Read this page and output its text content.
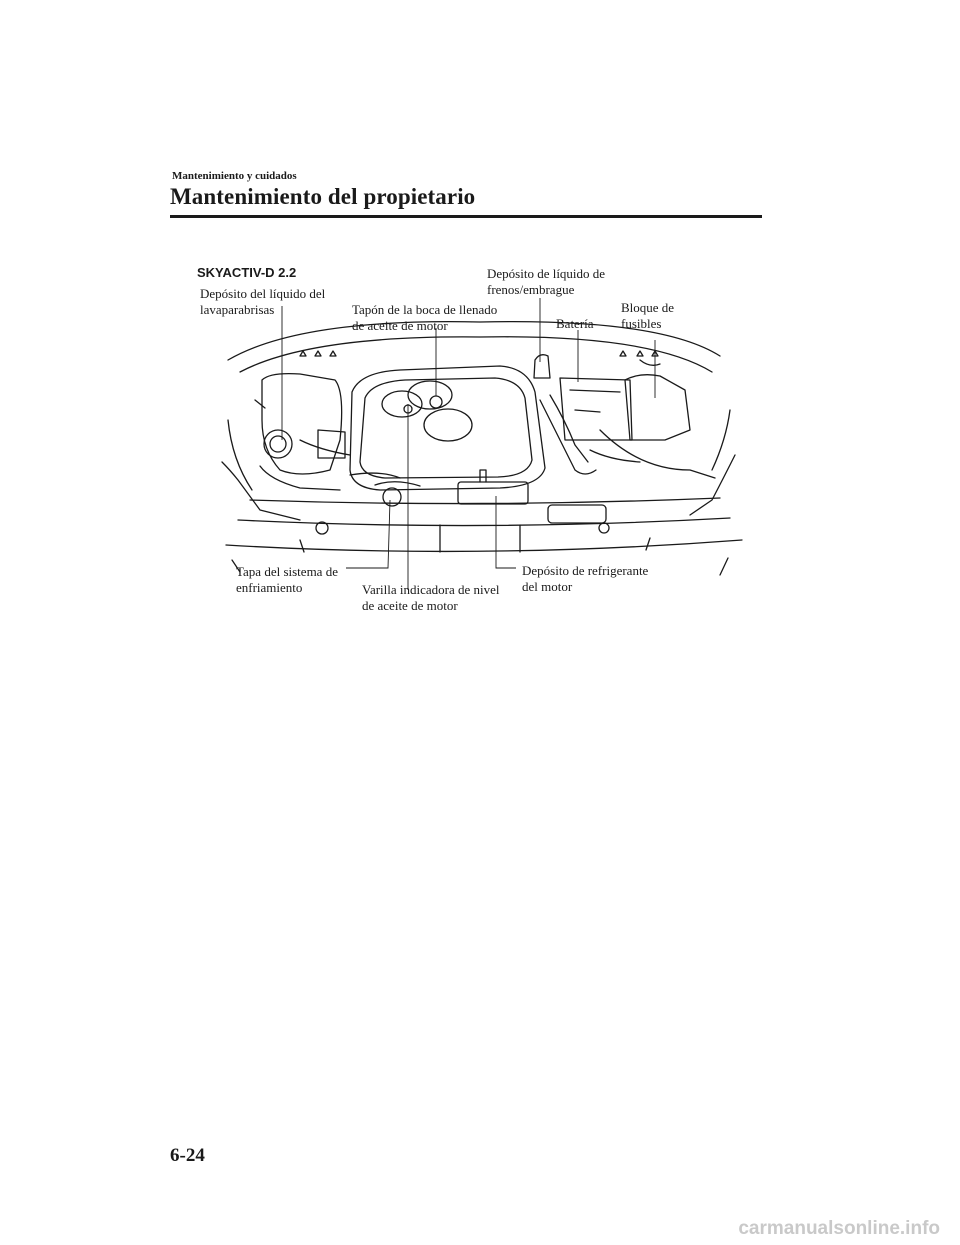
Mantenimiento y cuidados
Mantenimiento del propietario
SKYACTIV-D 2.2
Depósito del líquido del
lavaparabrisas	Tapón de la boca de llenado
de aceite de motor
Depósito de líquido de
frenos/embrague
Batería
Bloque de
fusibles
Tapa del sistema de
enfriamiento	Varilla indicadora de nivel
de aceite de motor
Depósito de refrigerante
del motor
6-24
carmanualsonline.info
